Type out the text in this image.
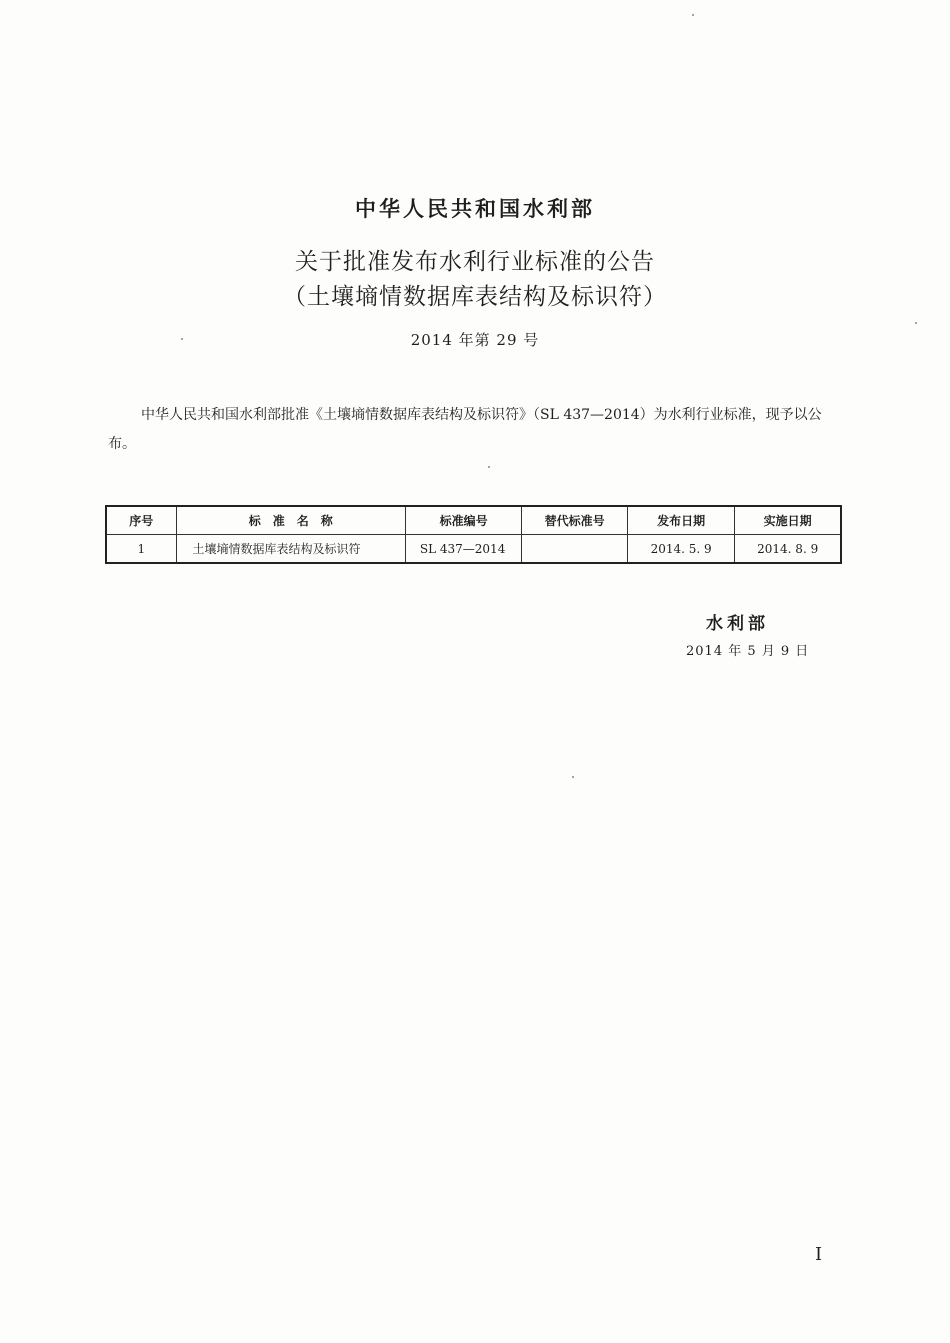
中华人民共和国水利部
关于批准发布水利行业标准的公告
（土壤墒情数据库表结构及标识符）
2014 年第 29 号
中华人民共和国水利部批准《土壤墒情数据库表结构及标识符》（SL 437—2014）为水利行业标准，现予以公布。
序号	标　准　名　称	标准编号	替代标准号	发布日期	实施日期
1	土壤墒情数据库表结构及标识符	SL 437—2014		2014. 5. 9	2014. 8. 9
水利部
2014 年 5 月 9 日
I
